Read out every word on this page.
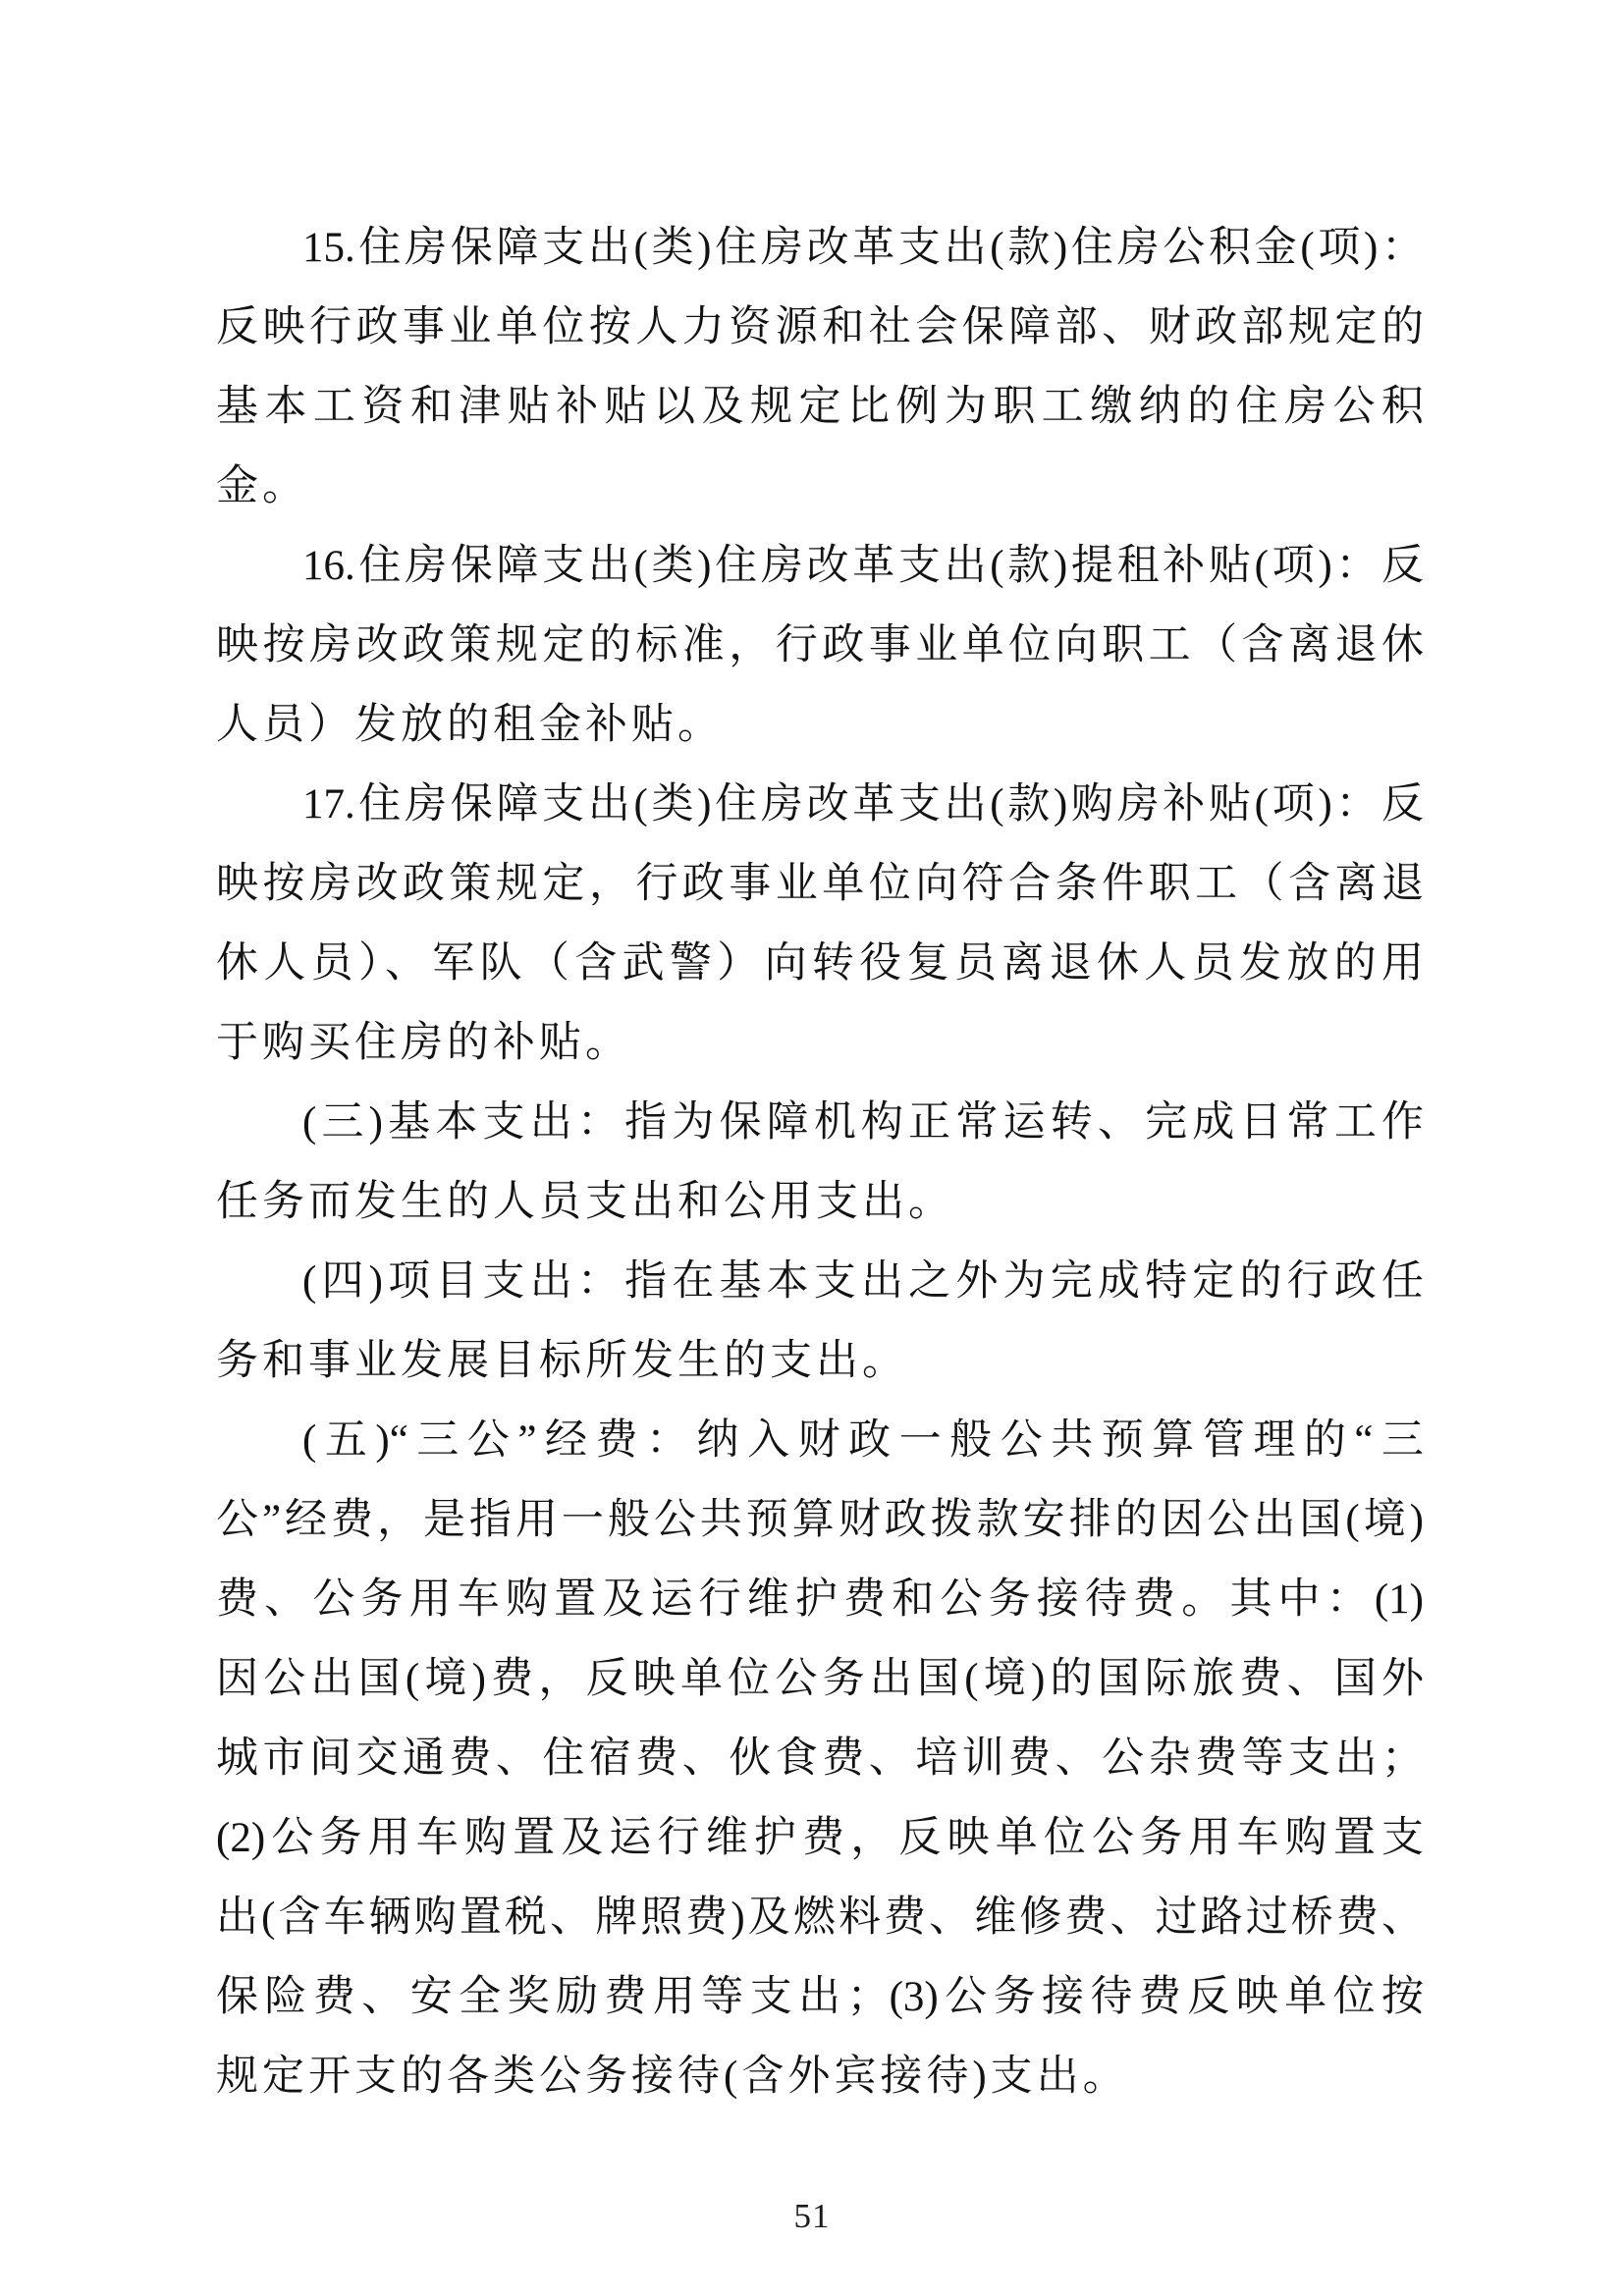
15.住房保障支出(类)住房改革支出(款)住房公积金(项)：
反映行政事业单位按人力资源和社会保障部、财政部规定的
基本工资和津贴补贴以及规定比例为职工缴纳的住房公积
金。
16.住房保障支出(类)住房改革支出(款)提租补贴(项)：反
映按房改政策规定的标准，行政事业单位向职工（含离退休
人员）发放的租金补贴。
17.住房保障支出(类)住房改革支出(款)购房补贴(项)：反
映按房改政策规定，行政事业单位向符合条件职工（含离退
休人员）、军队（含武警）向转役复员离退休人员发放的用
于购买住房的补贴。
(三)基本支出：指为保障机构正常运转、完成日常工作
任务而发生的人员支出和公用支出。
(四)项目支出：指在基本支出之外为完成特定的行政任
务和事业发展目标所发生的支出。
(五)“三公”经费：纳入财政一般公共预算管理的“三
公”经费，是指用一般公共预算财政拨款安排的因公出国(境)
费、公务用车购置及运行维护费和公务接待费。其中：(1)
因公出国(境)费，反映单位公务出国(境)的国际旅费、国外
城市间交通费、住宿费、伙食费、培训费、公杂费等支出；
(2)公务用车购置及运行维护费，反映单位公务用车购置支
出(含车辆购置税、牌照费)及燃料费、维修费、过路过桥费、
保险费、安全奖励费用等支出；(3)公务接待费反映单位按
规定开支的各类公务接待(含外宾接待)支出。
51
